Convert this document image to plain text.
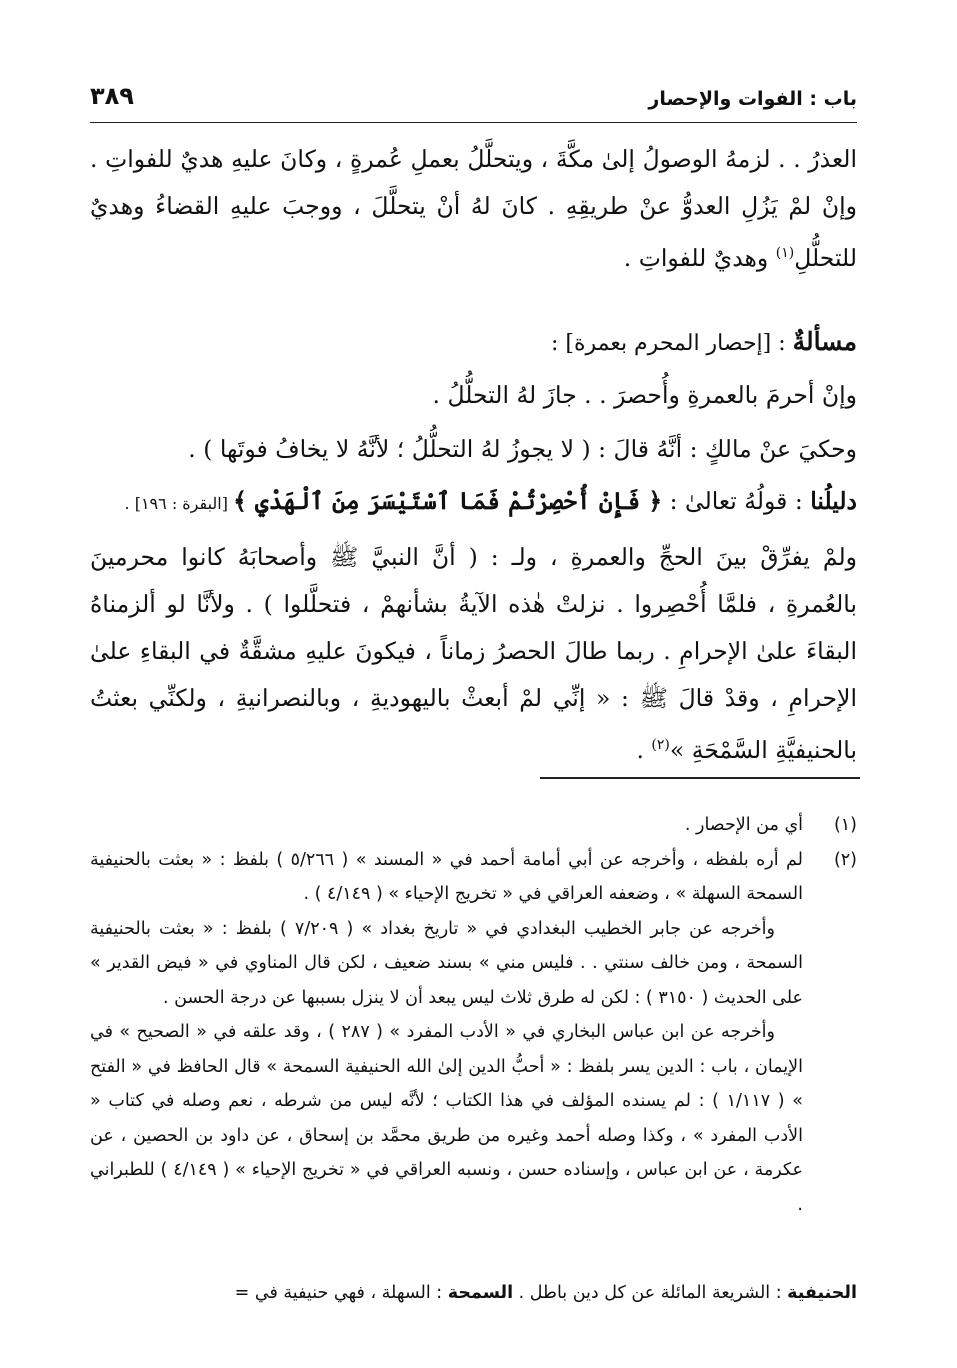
باب : الفوات والإحصار
٣٨٩

العذرُ . . لزمهُ الوصولُ إلىٰ مكَّةَ ، ويتحلَّلُ بعملِ عُمرةٍ ، وكانَ عليهِ هديٌ للفواتِ . وإنْ لمْ يَزُلِ العدوُّ عنْ طريقِهِ . كانَ لهُ أنْ يتحلَّلَ ، ووجبَ عليهِ القضاءُ وهديٌ للتحلُّلِ$^{(١)}$ وهديٌ للفواتِ .

مسألةٌ : [إحصار المحرم بعمرة] :
وإنْ أحرمَ بالعمرةِ وأُحصرَ . . جازَ لهُ التحلُّلُ .
وحكيَ عنْ مالكٍ : أنَّهُ قالَ : ( لا يجوزُ لهُ التحلُّلُ ؛ لأنَّهُ لا يخافُ فوتَها ) .
دليلُنا : قولُهُ تعالىٰ : ﴿ فَإِنْ أُحْصِرْتُمْ فَمَا ٱسْتَيْسَرَ مِنَ ٱلْهَدْيِ ﴾ [البقرة : ١٩٦] .

ولمْ يفرِّقْ بينَ الحجِّ والعمرةِ ، ولـ : ( أنَّ النبيَّ ﷺ وأصحابَهُ كانوا محرمينَ بالعُمرةِ ، فلمَّا أُحْصِروا . نزلتْ هٰذه الآيةُ بشأنهمْ ، فتحلَّلوا ) . ولأنَّا لو ألزمناهُ البقاءَ علىٰ الإحرامِ . ربما طالَ الحصرُ زماناً ، فيكونَ عليهِ مشقَّةٌ في البقاءِ علىٰ الإحرامِ ، وقدْ قالَ ﷺ : « إنِّي لمْ أبعثْ باليهوديةِ ، وبالنصرانيةِ ، ولكنِّي بعثتُ بالحنيفيَّةِ السَّمْحَةِ »$^{(٢)}$ .

(١)
أي من الإحصار .
(٢)

لم أره بلفظه ، وأخرجه عن أبي أمامة أحمد في « المسند » ( ٥/٢٦٦ ) بلفظ : « بعثت بالحنيفية السمحة السهلة » ، وضعفه العراقي في « تخريج الإحياء » ( ٤/١٤٩ ) .

وأخرجه عن جابر الخطيب البغدادي في « تاريخ بغداد » ( ٧/٢٠٩ ) بلفظ : « بعثت بالحنيفية السمحة ، ومن خالف سنتي . . فليس مني » بسند ضعيف ، لكن قال المناوي في « فيض القدير » على الحديث ( ٣١٥٠ ) : لكن له طرق ثلاث ليس يبعد أن لا ينزل بسببها عن درجة الحسن .

وأخرجه عن ابن عباس البخاري في « الأدب المفرد » ( ٢٨٧ ) ، وقد علقه في « الصحيح » في الإيمان ، باب : الدين يسر بلفظ : « أحبُّ الدين إلىٰ الله الحنيفية السمحة » قال الحافظ في « الفتح » ( ١/١١٧ ) : لم يسنده المؤلف في هذا الكتاب ؛ لأنَّه ليس من شرطه ، نعم وصله في كتاب « الأدب المفرد » ، وكذا وصله أحمد وغيره من طريق محمَّد بن إسحاق ، عن داود بن الحصين ، عن عكرمة ، عن ابن عباس ، وإسناده حسن ، ونسبه العراقي في « تخريج الإحياء » ( ٤/١٤٩ ) للطبراني .

الحنيفية : الشريعة المائلة عن كل دين باطل . السمحة : السهلة ، فهي حنيفية في =
